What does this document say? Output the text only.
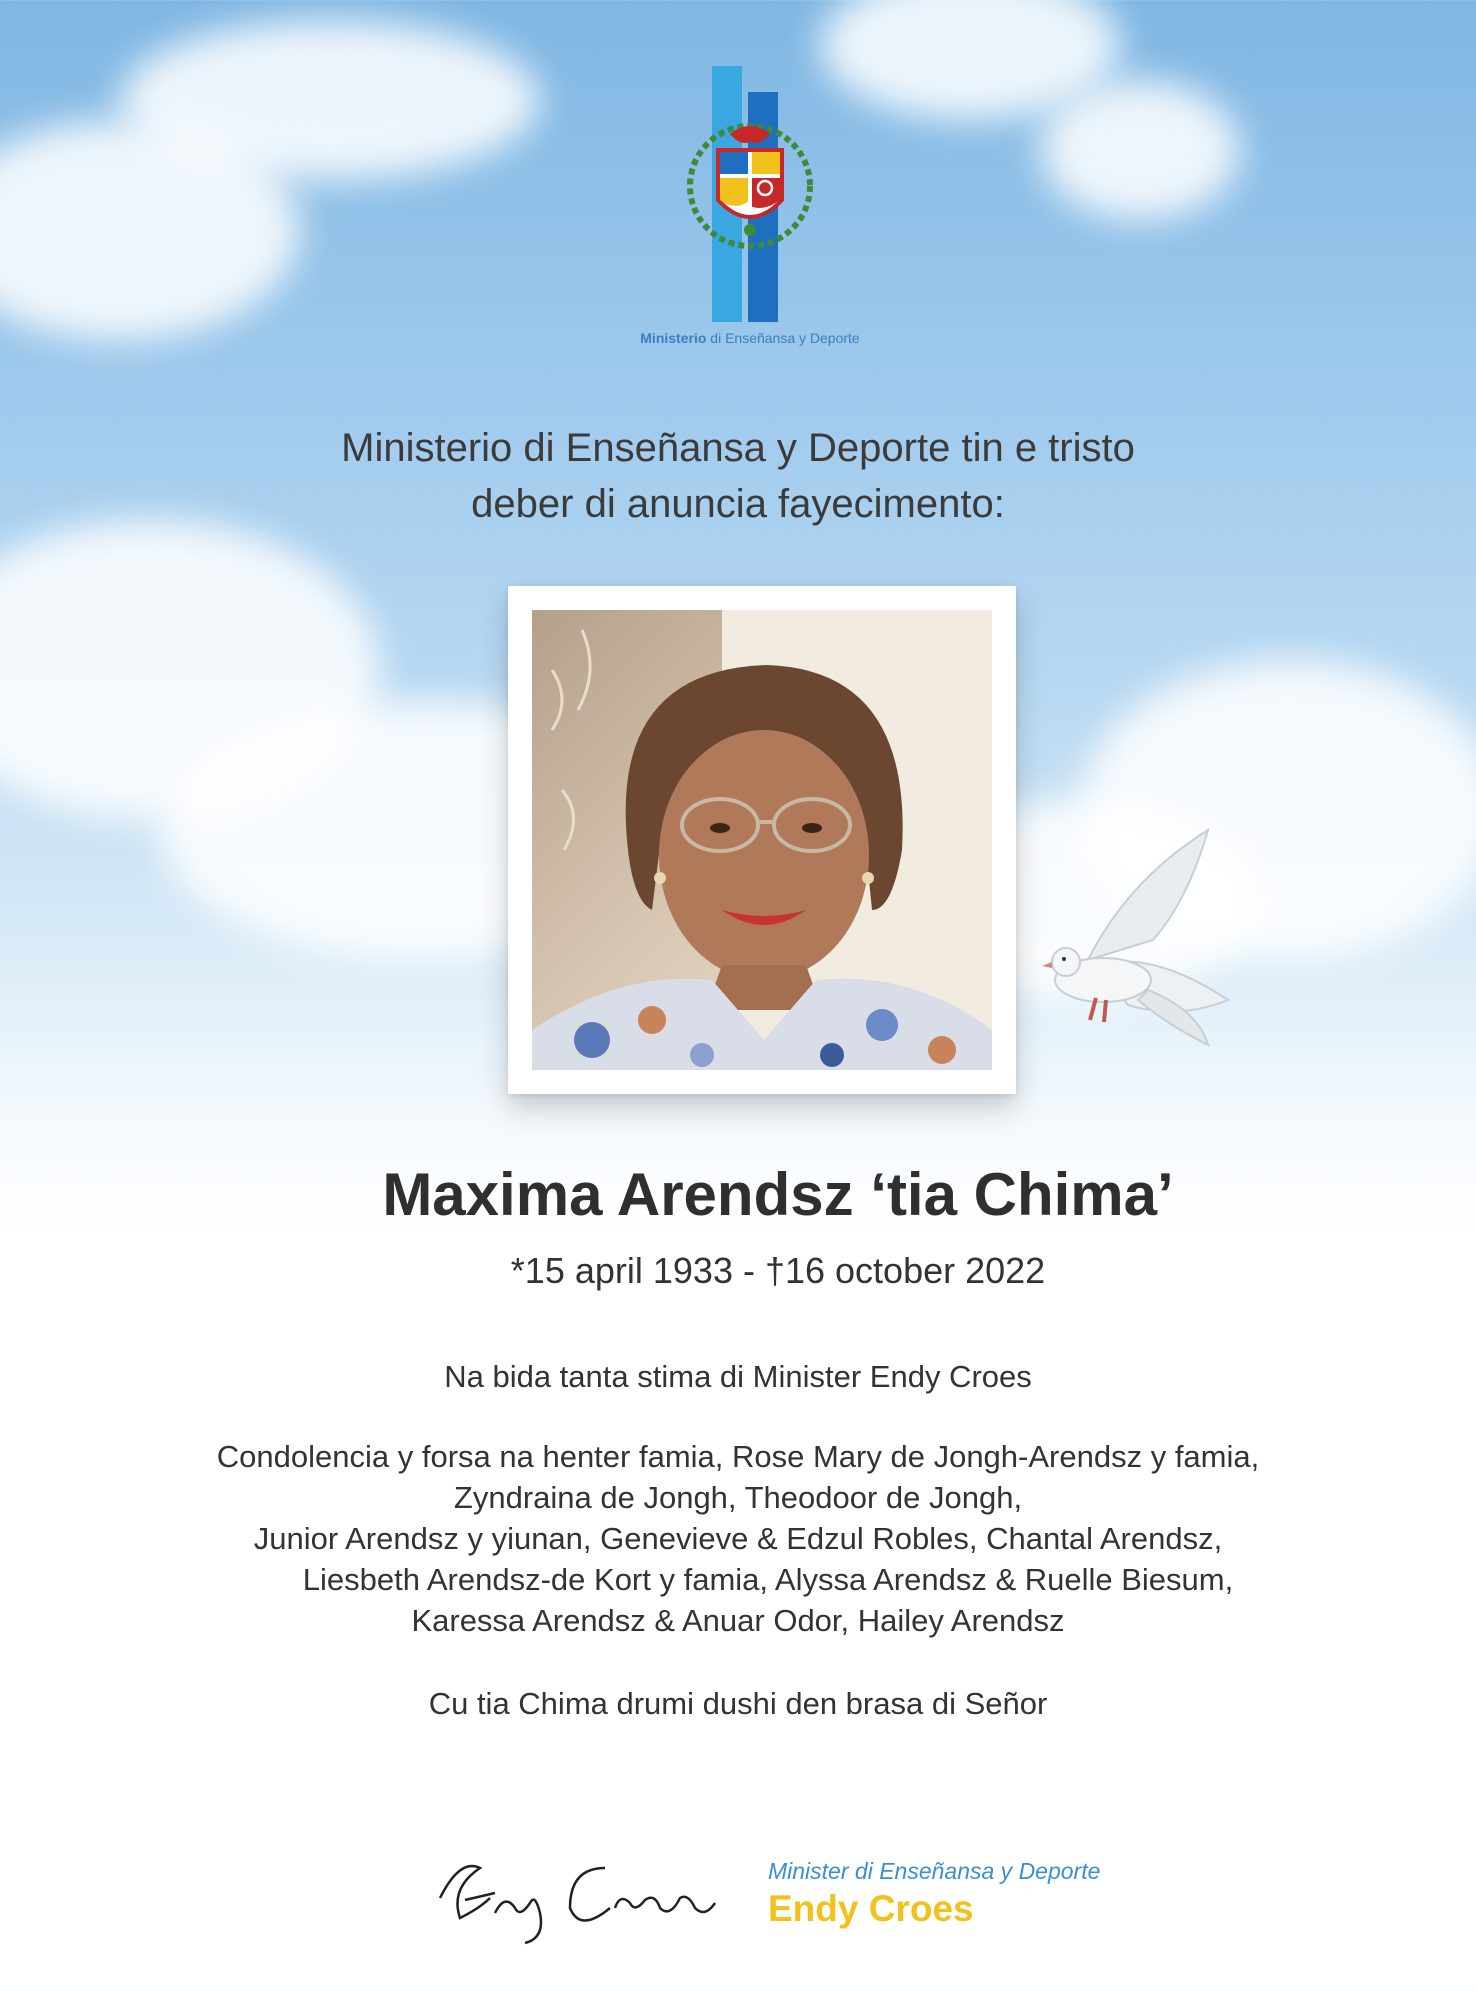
Ministerio di Enseñansa y Deporte
Ministerio di Enseñansa y Deporte tin e tristo
deber di anuncia fayecimento:
Maxima Arendsz ‘tia Chima’
*15 april 1933 - †16 october 2022
Na bida tanta stima di Minister Endy Croes
Condolencia y forsa na henter famia, Rose Mary de Jongh-Arendsz y famia,
Zyndraina de Jongh, Theodoor de Jongh,
Junior Arendsz y yiunan, Genevieve & Edzul Robles, Chantal Arendsz,
Liesbeth Arendsz-de Kort y famia, Alyssa Arendsz & Ruelle Biesum,
Karessa Arendsz & Anuar Odor, Hailey Arendsz
Cu tia Chima drumi dushi den brasa di Señor
Minister di Enseñansa y Deporte
Endy Croes
